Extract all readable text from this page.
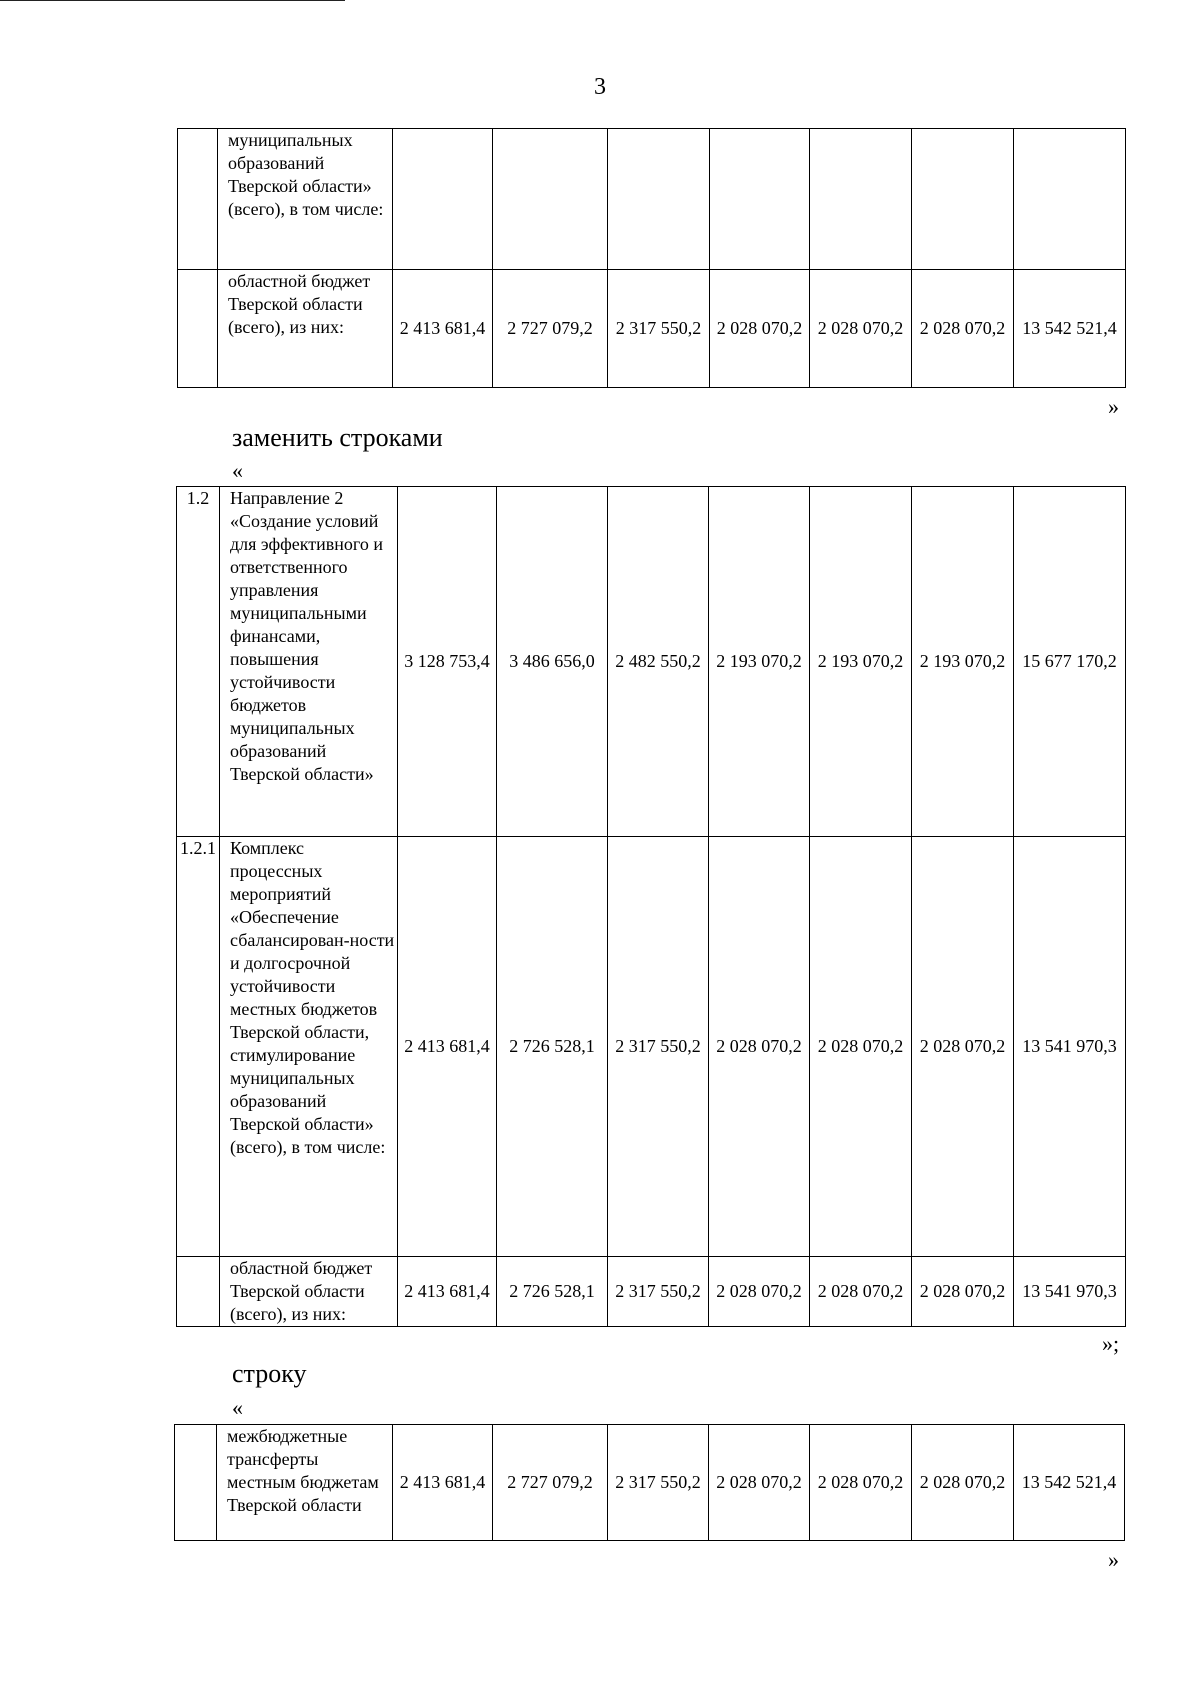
3
	муниципальных образований Тверской области» (всего), в том числе:							
	областной бюджет Тверской области (всего), из них:	2 413 681,4	2 727 079,2	2 317 550,2	2 028 070,2	2 028 070,2	2 028 070,2	13 542 521,4
»
заменить строками
«
1.2	Направление 2 «Создание условий для эффективного и ответственного управления муниципальными финансами, повышения устойчивости бюджетов муниципальных образований Тверской области»	3 128 753,4	3 486 656,0	2 482 550,2	2 193 070,2	2 193 070,2	2 193 070,2	15 677 170,2
1.2.1	Комплекс процессных мероприятий «Обеспечение сбалансирован-ности и долгосрочной устойчивости местных бюджетов Тверской области, стимулирование муниципальных образований Тверской области» (всего), в том числе:	2 413 681,4	2 726 528,1	2 317 550,2	2 028 070,2	2 028 070,2	2 028 070,2	13 541 970,3
	областной бюджет Тверской области (всего), из них:	2 413 681,4	2 726 528,1	2 317 550,2	2 028 070,2	2 028 070,2	2 028 070,2	13 541 970,3
»;
строку
«
	межбюджетные трансферты местным бюджетам Тверской области	2 413 681,4	2 727 079,2	2 317 550,2	2 028 070,2	2 028 070,2	2 028 070,2	13 542 521,4
»
